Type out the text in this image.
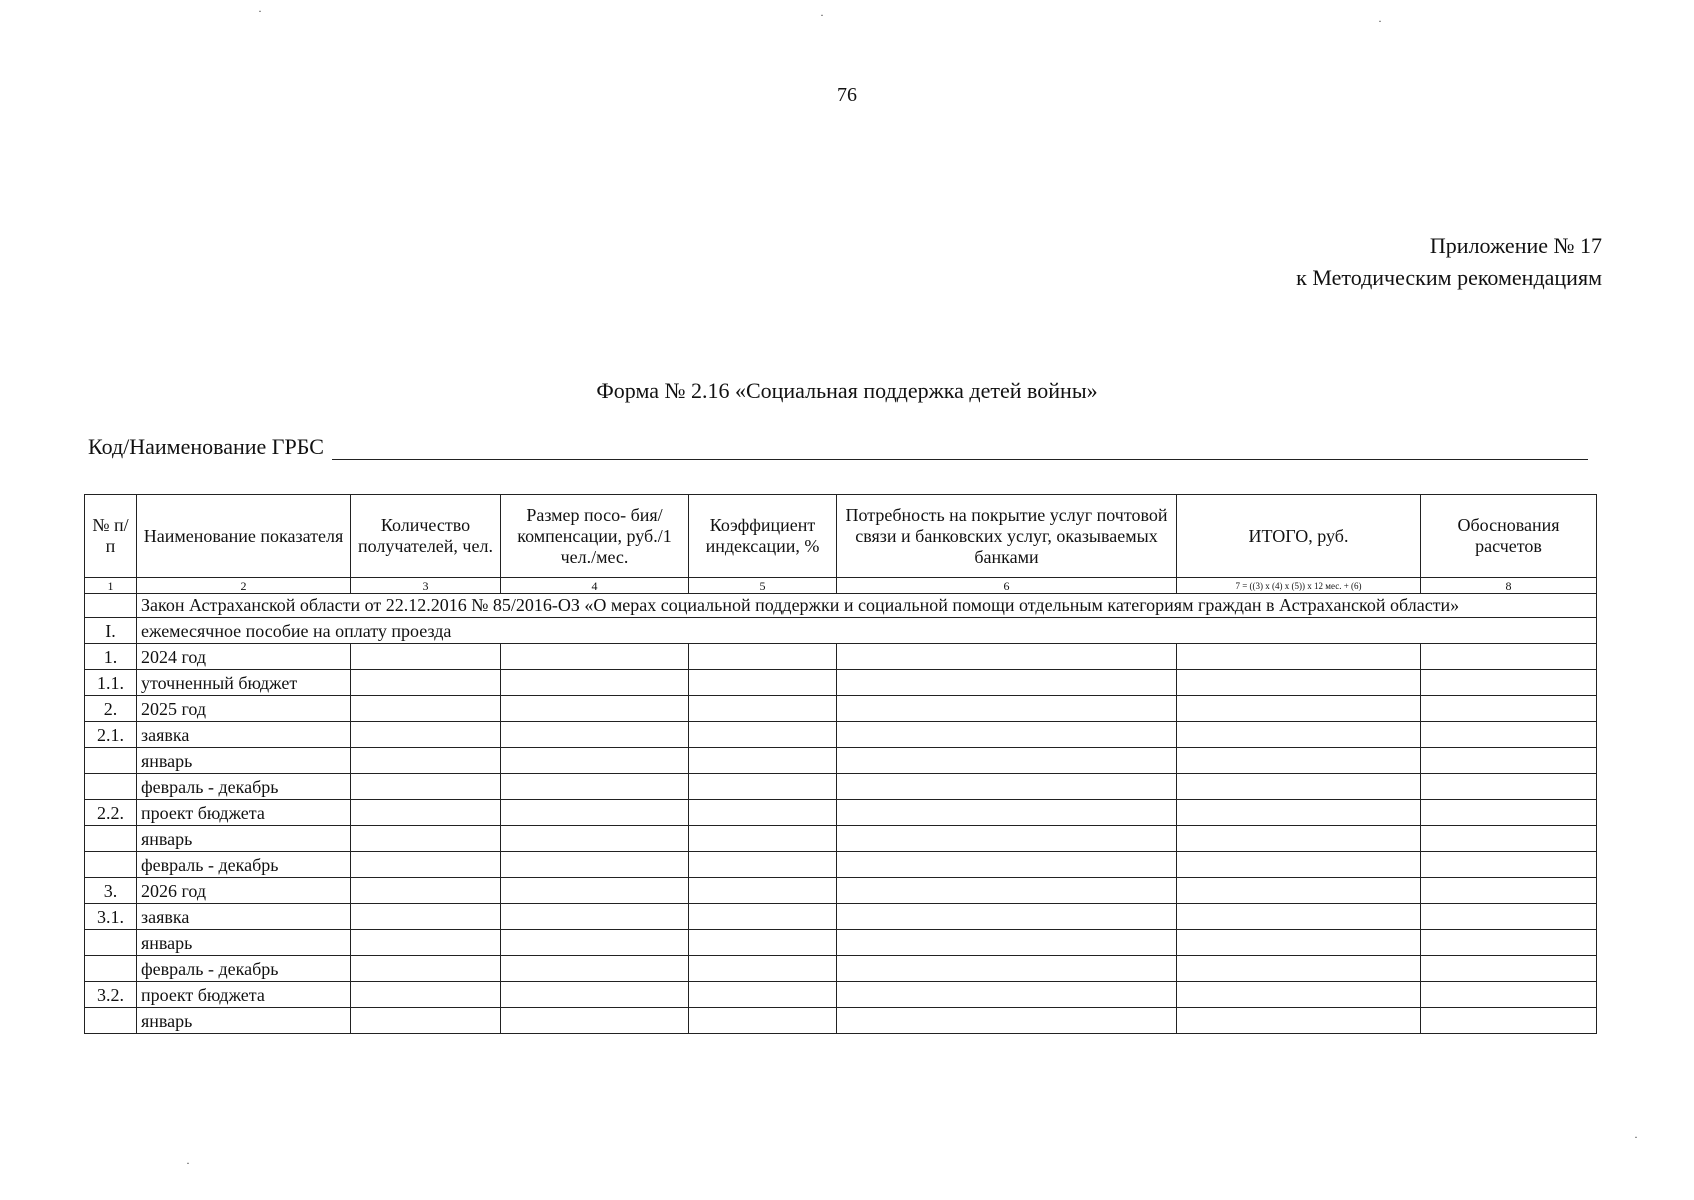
76
Приложение № 17
к Методическим рекомендациям
Форма № 2.16 «Социальная поддержка детей войны»
Код/Наименование ГРБС
№ п/п	Наименование показателя	Количество получателей, чел.	Размер посо- бия/компенсации, руб./1 чел./мес.	Коэффициент индексации, %	Потребность на покрытие услуг почтовой связи и банковских услуг, оказываемых банками	ИТОГО, руб.	Обоснования расчетов
1	2	3	4	5	6	7 = ((3) x (4) x (5)) x 12 мес. + (6)	8
	Закон Астраханской области от 22.12.2016 № 85/2016-ОЗ «О мерах социальной поддержки и социальной помощи отдельным категориям граждан в Астраханской области»						
I.	ежемесячное пособие на оплату проезда						
1.	2024 год						
1.1.	уточненный бюджет						
2.	2025 год						
2.1.	заявка						
	январь						
	февраль - декабрь						
2.2.	проект бюджета						
	январь						
	февраль - декабрь						
3.	2026 год						
3.1.	заявка						
	январь						
	февраль - декабрь						
3.2.	проект бюджета						
	январь						
·	·	·
·
·
